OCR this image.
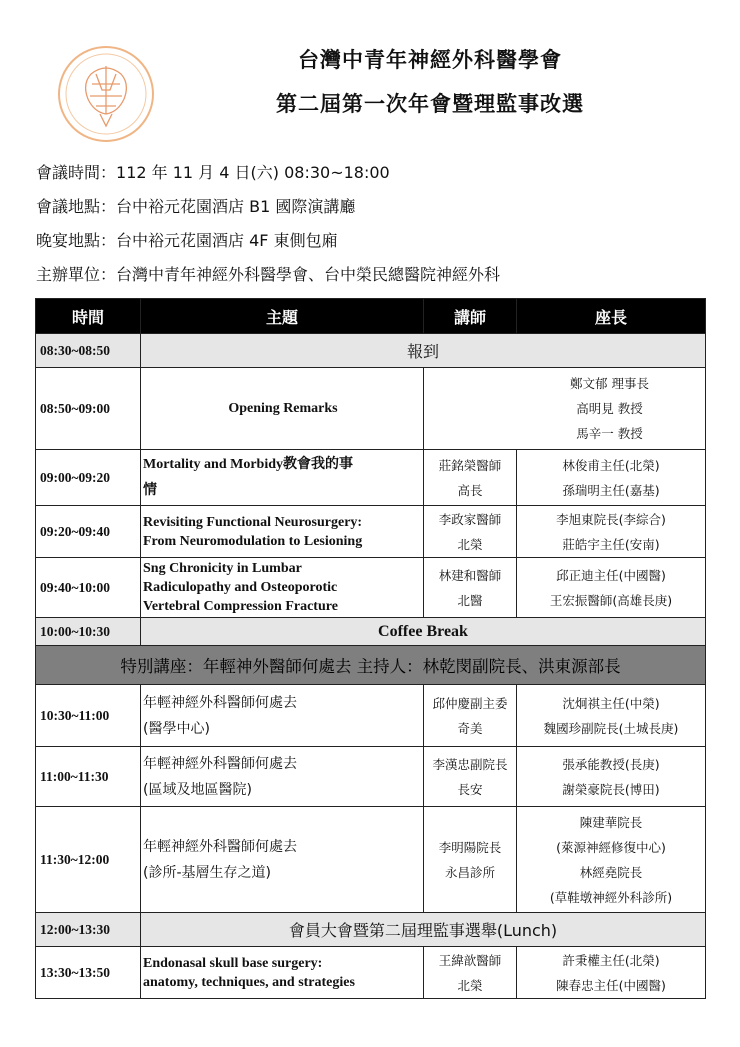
台灣中青年神經外科醫學會
第二屆第一次年會暨理監事改選
會議時間：112 年 11 月 4 日(六) 08:30~18:00
會議地點：台中裕元花園酒店 B1 國際演講廳
晚宴地點：台中裕元花園酒店 4F 東側包廂
主辦單位：台灣中青年神經外科醫學會、台中榮民總醫院神經外科
時間	主題	講師	座長
08:30~08:50	報到		
08:50~09:00	Opening Remarks	鄭文郁 理事長
高明見 教授
馬辛一 教授	

09:00~09:20	Mortality and Morbidy教會我的事
情	莊銘榮醫師
高長	林俊甫主任(北榮)
孫瑞明主任(嘉基)

09:20~09:40	Revisiting Functional Neurosurgery:
From Neuromodulation to Lesioning	李政家醫師
北榮	李旭東院長(李綜合)
莊皓宇主任(安南)

09:40~10:00	Sng Chronicity in Lumbar
Radiculopathy and Osteoporotic
Vertebral Compression Fracture	林建和醫師
北醫	邱正迪主任(中國醫)
王宏振醫師(高雄長庚)

10:00~10:30	Coffee Break		
特別講座：年輕神外醫師何處去 主持人：林乾閔副院長、洪東源部長			
10:30~11:00	年輕神經外科醫師何處去
(醫學中心)	邱仲慶副主委
奇美	沈炯祺主任(中榮)
魏國珍副院長(土城長庚)

11:00~11:30	年輕神經外科醫師何處去
(區域及地區醫院)	李漢忠副院長
長安	張承能教授(長庚)
謝榮豪院長(博田)

11:30~12:00	年輕神經外科醫師何處去
(診所-基層生存之道)	李明陽院長
永昌診所	陳建華院長
(萊源神經修復中心)
林經堯院長
(草鞋墩神經外科診所)

12:00~13:30	會員大會暨第二屆理監事選舉(Lunch)		
13:30~13:50	Endonasal skull base surgery:
anatomy, techniques, and strategies	王緯歆醫師
北榮	許秉權主任(北榮)
陳春忠主任(中國醫)
